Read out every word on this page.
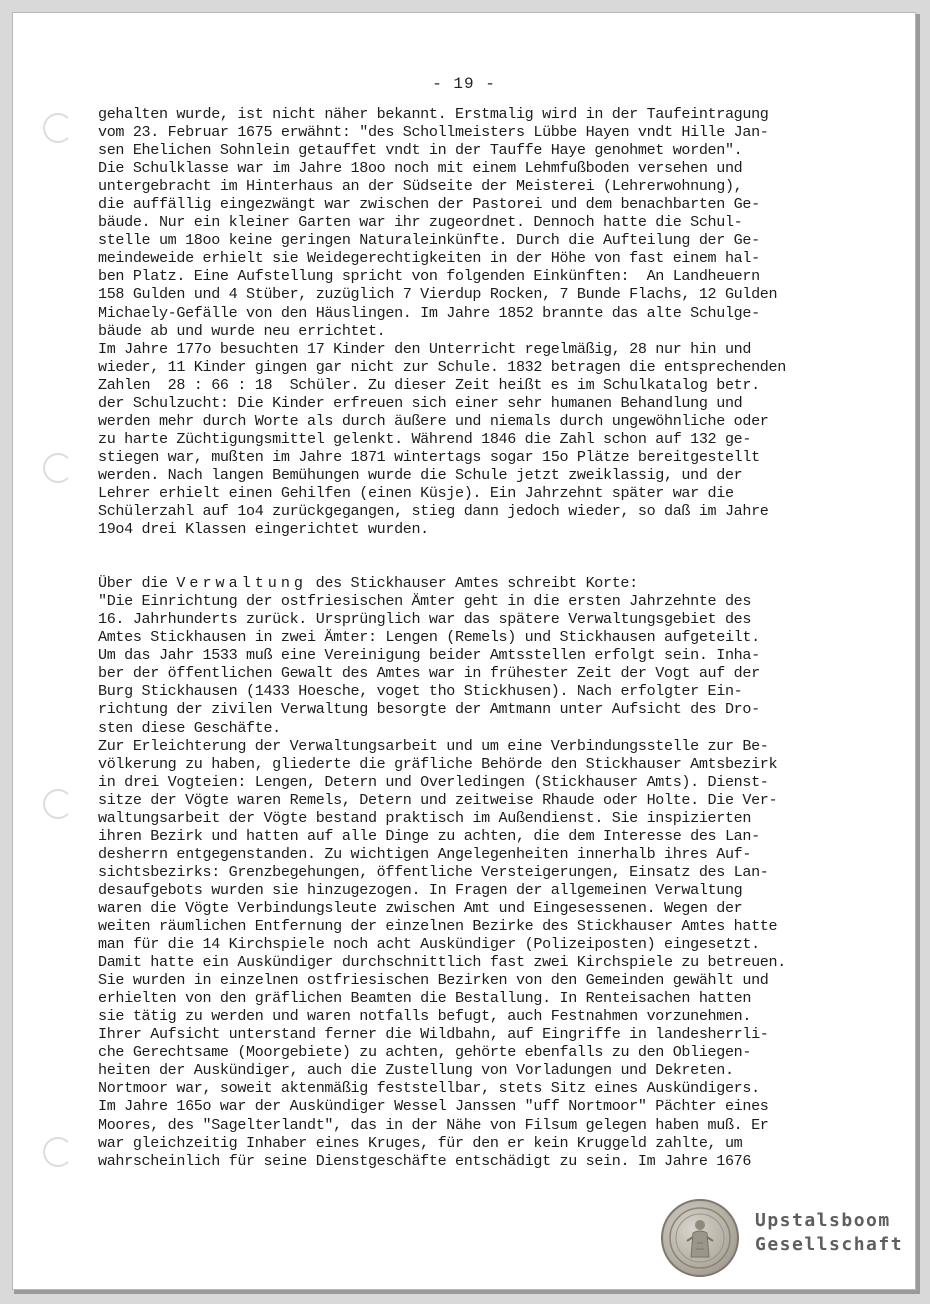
- 19 -
gehalten wurde, ist nicht näher bekannt. Erstmalig wird in der Taufeintragung
vom 23. Februar 1675 erwähnt: "des Schollmeisters Lübbe Hayen vndt Hille Jan-
sen Ehelichen Sohnlein getauffet vndt in der Tauffe Haye genohmet worden".
Die Schulklasse war im Jahre 18oo noch mit einem Lehmfußboden versehen und
untergebracht im Hinterhaus an der Südseite der Meisterei (Lehrerwohnung),
die auffällig eingezwängt war zwischen der Pastorei und dem benachbarten Ge-
bäude. Nur ein kleiner Garten war ihr zugeordnet. Dennoch hatte die Schul-
stelle um 18oo keine geringen Naturaleinkünfte. Durch die Aufteilung der Ge-
meindeweide erhielt sie Weidegerechtigkeiten in der Höhe von fast einem hal-
ben Platz. Eine Aufstellung spricht von folgenden Einkünften:  An Landheuern
158 Gulden und 4 Stüber, zuzüglich 7 Vierdup Rocken, 7 Bunde Flachs, 12 Gulden
Michaely-Gefälle von den Häuslingen. Im Jahre 1852 brannte das alte Schulge-
bäude ab und wurde neu errichtet.
Im Jahre 177o besuchten 17 Kinder den Unterricht regelmäßig, 28 nur hin und
wieder, 11 Kinder gingen gar nicht zur Schule. 1832 betragen die entsprechenden
Zahlen  28 : 66 : 18  Schüler. Zu dieser Zeit heißt es im Schulkatalog betr.
der Schulzucht: Die Kinder erfreuen sich einer sehr humanen Behandlung und
werden mehr durch Worte als durch äußere und niemals durch ungewöhnliche oder
zu harte Züchtigungsmittel gelenkt. Während 1846 die Zahl schon auf 132 ge-
stiegen war, mußten im Jahre 1871 wintertags sogar 15o Plätze bereitgestellt
werden. Nach langen Bemühungen wurde die Schule jetzt zweiklassig, und der
Lehrer erhielt einen Gehilfen (einen Küsje). Ein Jahrzehnt später war die
Schülerzahl auf 1o4 zurückgegangen, stieg dann jedoch wieder, so daß im Jahre
19o4 drei Klassen eingerichtet wurden.
Über die Verwaltung des Stickhauser Amtes schreibt Korte:
"Die Einrichtung der ostfriesischen Ämter geht in die ersten Jahrzehnte des
16. Jahrhunderts zurück. Ursprünglich war das spätere Verwaltungsgebiet des
Amtes Stickhausen in zwei Ämter: Lengen (Remels) und Stickhausen aufgeteilt.
Um das Jahr 1533 muß eine Vereinigung beider Amtsstellen erfolgt sein. Inha-
ber der öffentlichen Gewalt des Amtes war in frühester Zeit der Vogt auf der
Burg Stickhausen (1433 Hoesche, voget tho Stickhusen). Nach erfolgter Ein-
richtung der zivilen Verwaltung besorgte der Amtmann unter Aufsicht des Dro-
sten diese Geschäfte.
Zur Erleichterung der Verwaltungsarbeit und um eine Verbindungsstelle zur Be-
völkerung zu haben, gliederte die gräfliche Behörde den Stickhauser Amtsbezirk
in drei Vogteien: Lengen, Detern und Overledingen (Stickhauser Amts). Dienst-
sitze der Vögte waren Remels, Detern und zeitweise Rhaude oder Holte. Die Ver-
waltungsarbeit der Vögte bestand praktisch im Außendienst. Sie inspizierten
ihren Bezirk und hatten auf alle Dinge zu achten, die dem Interesse des Lan-
desherrn entgegenstanden. Zu wichtigen Angelegenheiten innerhalb ihres Auf-
sichtsbezirks: Grenzbegehungen, öffentliche Versteigerungen, Einsatz des Lan-
desaufgebots wurden sie hinzugezogen. In Fragen der allgemeinen Verwaltung
waren die Vögte Verbindungsleute zwischen Amt und Eingesessenen. Wegen der
weiten räumlichen Entfernung der einzelnen Bezirke des Stickhauser Amtes hatte
man für die 14 Kirchspiele noch acht Auskündiger (Polizeiposten) eingesetzt.
Damit hatte ein Auskündiger durchschnittlich fast zwei Kirchspiele zu betreuen.
Sie wurden in einzelnen ostfriesischen Bezirken von den Gemeinden gewählt und
erhielten von den gräflichen Beamten die Bestallung. In Renteisachen hatten
sie tätig zu werden und waren notfalls befugt, auch Festnahmen vorzunehmen.
Ihrer Aufsicht unterstand ferner die Wildbahn, auf Eingriffe in landesherrli-
che Gerechtsame (Moorgebiete) zu achten, gehörte ebenfalls zu den Obliegen-
heiten der Auskündiger, auch die Zustellung von Vorladungen und Dekreten.
Nortmoor war, soweit aktenmäßig feststellbar, stets Sitz eines Auskündigers.
Im Jahre 165o war der Auskündiger Wessel Janssen "uff Nortmoor" Pächter eines
Moores, des "Sagelterlandt", das in der Nähe von Filsum gelegen haben muß. Er
war gleichzeitig Inhaber eines Kruges, für den er kein Kruggeld zahlte, um
wahrscheinlich für seine Dienstgeschäfte entschädigt zu sein. Im Jahre 1676
Upstalsboom
Gesellschaft
